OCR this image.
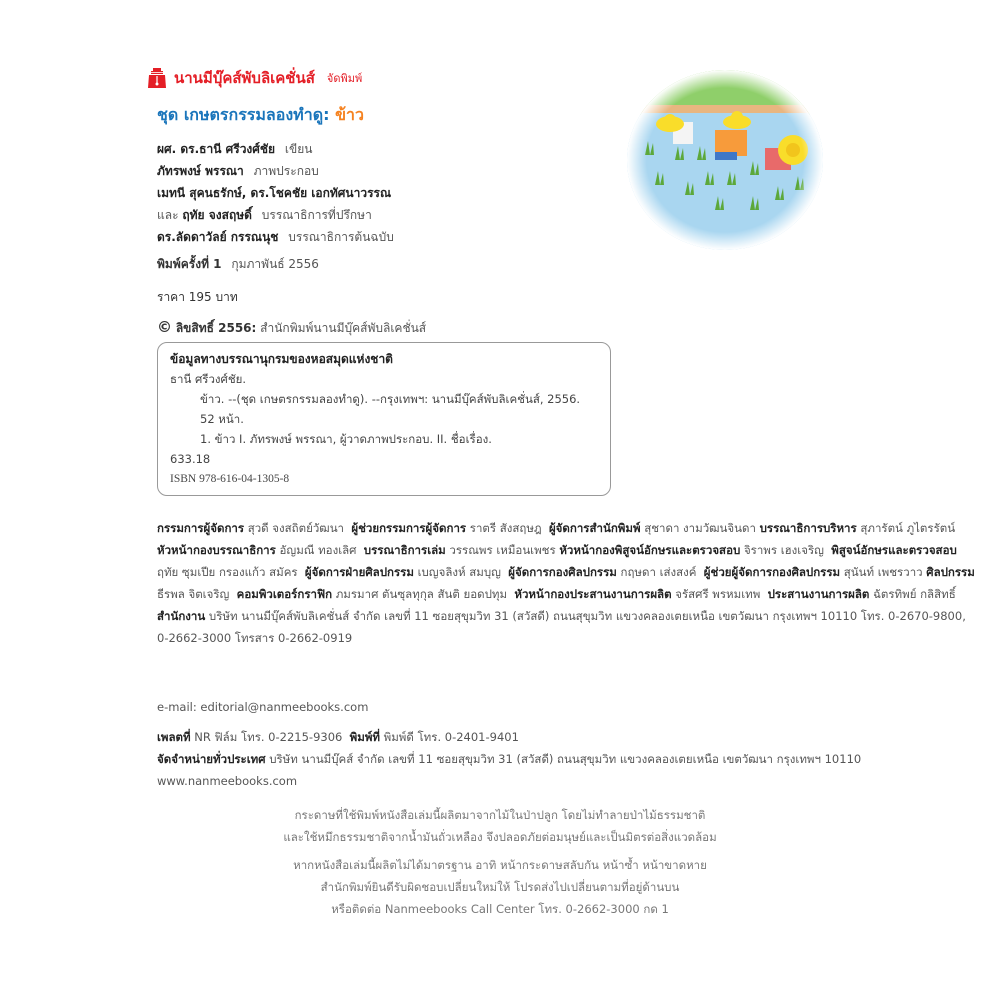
นานมีบุ๊คส์พับลิเคชั่นส์ จัดพิมพ์
ชุด เกษตรกรรมลองทำดู: ข้าว
ผศ. ดร.ธานี ศรีวงศ์ชัย เขียน
ภัทรพงษ์ พรรณา ภาพประกอบ
เมทนี สุคนธรักษ์, ดร.โชคชัย เอกทัศนาวรรณ
และ ฤทัย จงสฤษดิ์ บรรณาธิการที่ปรึกษา
ดร.ลัดดาวัลย์ กรรณนุช บรรณาธิการต้นฉบับ
พิมพ์ครั้งที่ 1 กุมภาพันธ์ 2556
ราคา 195 บาท
© ลิขสิทธิ์ 2556: สำนักพิมพ์นานมีบุ๊คส์พับลิเคชั่นส์
ข้อมูลทางบรรณานุกรมของหอสมุดแห่งชาติ
ธานี ศรีวงศ์ชัย.
ข้าว. --(ชุด เกษตรกรรมลองทำดู). --กรุงเทพฯ: นานมีบุ๊คส์พับลิเคชั่นส์, 2556.
52 หน้า.
1. ข้าว I. ภัทรพงษ์ พรรณา, ผู้วาดภาพประกอบ. II. ชื่อเรื่อง.
633.18
ISBN 978-616-04-1305-8
กรรมการผู้จัดการ สุวดี จงสถิตย์วัฒนา ผู้ช่วยกรรมการผู้จัดการ ราตรี สังสฤษฎ ผู้จัดการสำนักพิมพ์ สุชาดา งามวัฒนจินดา บรรณาธิการบริหาร สุภารัตน์ ภูไตรรัตน์  หัวหน้ากองบรรณาธิการ อัญมณี ทองเลิศ บรรณาธิการเล่ม วรรณพร เหมือนเพชร หัวหน้ากองพิสูจน์อักษรและตรวจสอบ จิราพร เฮงเจริญ พิสูจน์อักษรและตรวจสอบ ฤทัย ซุมเปีย กรองแก้ว สมัคร ผู้จัดการฝ่ายศิลปกรรม เบญจลิงห์ สมบุญ ผู้จัดการกองศิลปกรรม กฤษดา เส่งสงค์ ผู้ช่วยผู้จัดการกองศิลปกรรม สุนันท์ เพชรวาว ศิลปกรรม ธีรพล จิตเจริญ คอมพิวเตอร์กราฟิก ภมรมาศ ตันซุลทุกุล สันติ ยอดปทุม หัวหน้ากองประสานงานการผลิต จรัสศรี พรหมเทพ ประสานงานการผลิต ฉัตรทิพย์ กลิสิทธิ์  สำนักงาน บริษัท นานมีบุ๊คส์พับลิเคชั่นส์ จำกัด เลขที่ 11 ซอยสุขุมวิท 31 (สวัสดี) ถนนสุขุมวิท แขวงคลองเตยเหนือ เขตวัฒนา กรุงเทพฯ 10110 โทร. 0-2670-9800, 0-2662-3000 โทรสาร 0-2662-0919
e-mail: editorial@nanmeebooks.com
เพลตที่ NR ฟิล์ม โทร. 0-2215-9306 พิมพ์ที่ พิมพ์ดี โทร. 0-2401-9401
จัดจำหน่ายทั่วประเทศ บริษัท นานมีบุ๊คส์ จำกัด เลขที่ 11 ซอยสุขุมวิท 31 (สวัสดี) ถนนสุขุมวิท แขวงคลองเตยเหนือ เขตวัฒนา กรุงเทพฯ 10110 www.nanmeebooks.com

กระดาษที่ใช้พิมพ์หนังสือเล่มนี้ผลิตมาจากไม้ในป่าปลูก โดยไม่ทำลายป่าไม้ธรรมชาติ
และใช้หมึกธรรมชาติจากน้ำมันถั่วเหลือง จึงปลอดภัยต่อมนุษย์และเป็นมิตรต่อสิ่งแวดล้อม

หากหนังสือเล่มนี้ผลิตไม่ได้มาตรฐาน อาทิ หน้ากระดาษสลับกัน หน้าซ้ำ หน้าขาดหาย
สำนักพิมพ์ยินดีรับผิดชอบเปลี่ยนใหม่ให้ โปรดส่งไปเปลี่ยนตามที่อยู่ด้านบน
หรือติดต่อ Nanmeebooks Call Center โทร. 0-2662-3000 กด 1
